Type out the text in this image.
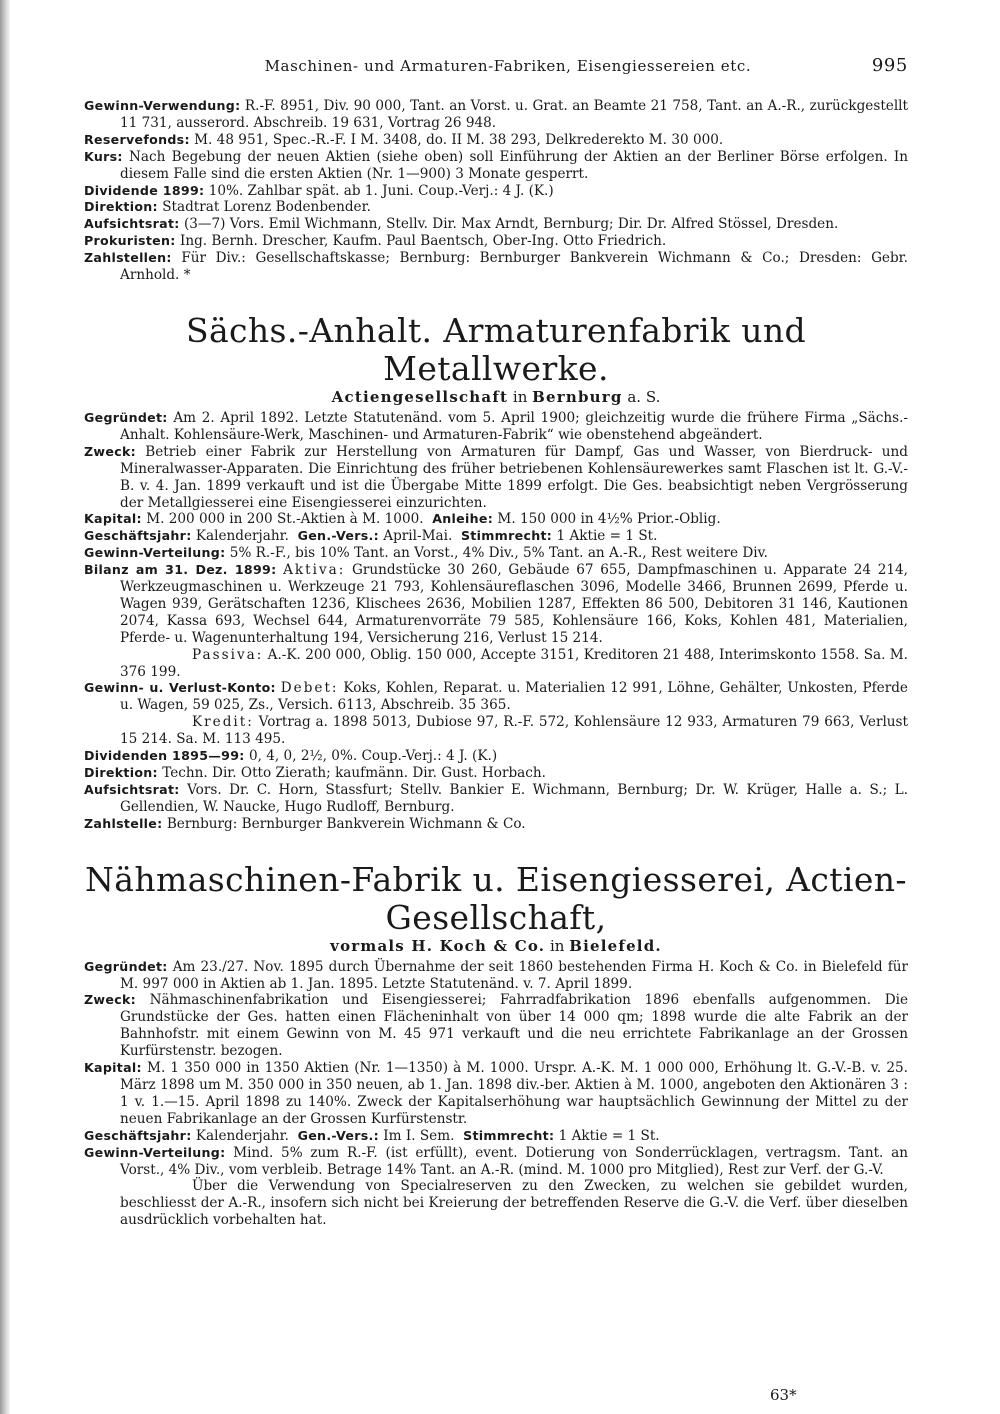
Maschinen- und Armaturen-Fabriken, Eisengiessereien etc.	995

Gewinn-Verwendung: R.-F. 8951, Div. 90 000, Tant. an Vorst. u. Grat. an Beamte 21 758, Tant. an A.-R., zurückgestellt 11 731, ausserord. Abschreib. 19 631, Vortrag 26 948.

Reservefonds: M. 48 951, Spec.-R.-F. I M. 3408, do. II M. 38 293, Delkrederekto M. 30 000.

Kurs: Nach Begebung der neuen Aktien (siehe oben) soll Einführung der Aktien an der Berliner Börse erfolgen. In diesem Falle sind die ersten Aktien (Nr. 1—900) 3 Monate gesperrt.

Dividende 1899: 10%. Zahlbar spät. ab 1. Juni. Coup.-Verj.: 4 J. (K.)

Direktion: Stadtrat Lorenz Bodenbender.

Aufsichtsrat: (3—7) Vors. Emil Wichmann, Stellv. Dir. Max Arndt, Bernburg; Dir. Dr. Alfred Stössel, Dresden.

Prokuristen: Ing. Bernh. Drescher, Kaufm. Paul Baentsch, Ober-Ing. Otto Friedrich.

Zahlstellen: Für Div.: Gesellschaftskasse; Bernburg: Bernburger Bankverein Wichmann & Co.; Dresden: Gebr. Arnhold. *

Sächs.-Anhalt. Armaturenfabrik und Metallwerke.

Actiengesellschaft in Bernburg a. S.

Gegründet: Am 2. April 1892. Letzte Statutenänd. vom 5. April 1900; gleichzeitig wurde die frühere Firma „Sächs.-Anhalt. Kohlensäure-Werk, Maschinen- und Armaturen-Fabrik“ wie obenstehend abgeändert.

Zweck: Betrieb einer Fabrik zur Herstellung von Armaturen für Dampf, Gas und Wasser, von Bierdruck- und Mineralwasser-Apparaten. Die Einrichtung des früher betriebenen Kohlensäurewerkes samt Flaschen ist lt. G.-V.-B. v. 4. Jan. 1899 verkauft und ist die Übergabe Mitte 1899 erfolgt. Die Ges. beabsichtigt neben Vergrösserung der Metallgiesserei eine Eisengiesserei einzurichten.

Kapital: M. 200 000 in 200 St.-Aktien à M. 1000. Anleihe: M. 150 000 in 4½% Prior.-Oblig.

Geschäftsjahr: Kalenderjahr. Gen.-Vers.: April-Mai. Stimmrecht: 1 Aktie = 1 St.

Gewinn-Verteilung: 5% R.-F., bis 10% Tant. an Vorst., 4% Div., 5% Tant. an A.-R., Rest weitere Div.

Bilanz am 31. Dez. 1899: Aktiva: Grundstücke 30 260, Gebäude 67 655, Dampfmaschinen u. Apparate 24 214, Werkzeugmaschinen u. Werkzeuge 21 793, Kohlensäureflaschen 3096, Modelle 3466, Brunnen 2699, Pferde u. Wagen 939, Gerätschaften 1236, Klischees 2636, Mobilien 1287, Effekten 86 500, Debitoren 31 146, Kautionen 2074, Kassa 693, Wechsel 644, Armaturenvorräte 79 585, Kohlensäure 166, Koks, Kohlen 481, Materialien, Pferde- u. Wagenunterhaltung 194, Versicherung 216, Verlust 15 214.

Passiva: A.-K. 200 000, Oblig. 150 000, Accepte 3151, Kreditoren 21 488, Interimskonto 1558. Sa. M. 376 199.

Gewinn- u. Verlust-Konto: Debet: Koks, Kohlen, Reparat. u. Materialien 12 991, Löhne, Gehälter, Unkosten, Pferde u. Wagen, 59 025, Zs., Versich. 6113, Abschreib. 35 365.

Kredit: Vortrag a. 1898 5013, Dubiose 97, R.-F. 572, Kohlensäure 12 933, Armaturen 79 663, Verlust 15 214. Sa. M. 113 495.

Dividenden 1895—99: 0, 4, 0, 2½, 0%. Coup.-Verj.: 4 J. (K.)

Direktion: Techn. Dir. Otto Zierath; kaufmänn. Dir. Gust. Horbach.

Aufsichtsrat: Vors. Dr. C. Horn, Stassfurt; Stellv. Bankier E. Wichmann, Bernburg; Dr. W. Krüger, Halle a. S.; L. Gellendien, W. Naucke, Hugo Rudloff, Bernburg.

Zahlstelle: Bernburg: Bernburger Bankverein Wichmann & Co.

Nähmaschinen-Fabrik u. Eisengiesserei, Actien-Gesellschaft,

vormals H. Koch & Co. in Bielefeld.

Gegründet: Am 23./27. Nov. 1895 durch Übernahme der seit 1860 bestehenden Firma H. Koch & Co. in Bielefeld für M. 997 000 in Aktien ab 1. Jan. 1895. Letzte Statutenänd. v. 7. April 1899.

Zweck: Nähmaschinenfabrikation und Eisengiesserei; Fahrradfabrikation 1896 ebenfalls aufgenommen. Die Grundstücke der Ges. hatten einen Flächeninhalt von über 14 000 qm; 1898 wurde die alte Fabrik an der Bahnhofstr. mit einem Gewinn von M. 45 971 verkauft und die neu errichtete Fabrikanlage an der Grossen Kurfürstenstr. bezogen.

Kapital: M. 1 350 000 in 1350 Aktien (Nr. 1—1350) à M. 1000. Urspr. A.-K. M. 1 000 000, Erhöhung lt. G.-V.-B. v. 25. März 1898 um M. 350 000 in 350 neuen, ab 1. Jan. 1898 div.-ber. Aktien à M. 1000, angeboten den Aktionären 3 : 1 v. 1.—15. April 1898 zu 140%. Zweck der Kapitalserhöhung war hauptsächlich Gewinnung der Mittel zu der neuen Fabrikanlage an der Grossen Kurfürstenstr.

Geschäftsjahr: Kalenderjahr. Gen.-Vers.: Im I. Sem. Stimmrecht: 1 Aktie = 1 St.

Gewinn-Verteilung: Mind. 5% zum R.-F. (ist erfüllt), event. Dotierung von Sonderrücklagen, vertragsm. Tant. an Vorst., 4% Div., vom verbleib. Betrage 14% Tant. an A.-R. (mind. M. 1000 pro Mitglied), Rest zur Verf. der G.-V.

Über die Verwendung von Specialreserven zu den Zwecken, zu welchen sie gebildet wurden, beschliesst der A.-R., insofern sich nicht bei Kreierung der betreffenden Reserve die G.-V. die Verf. über dieselben ausdrücklich vorbehalten hat.

63*
